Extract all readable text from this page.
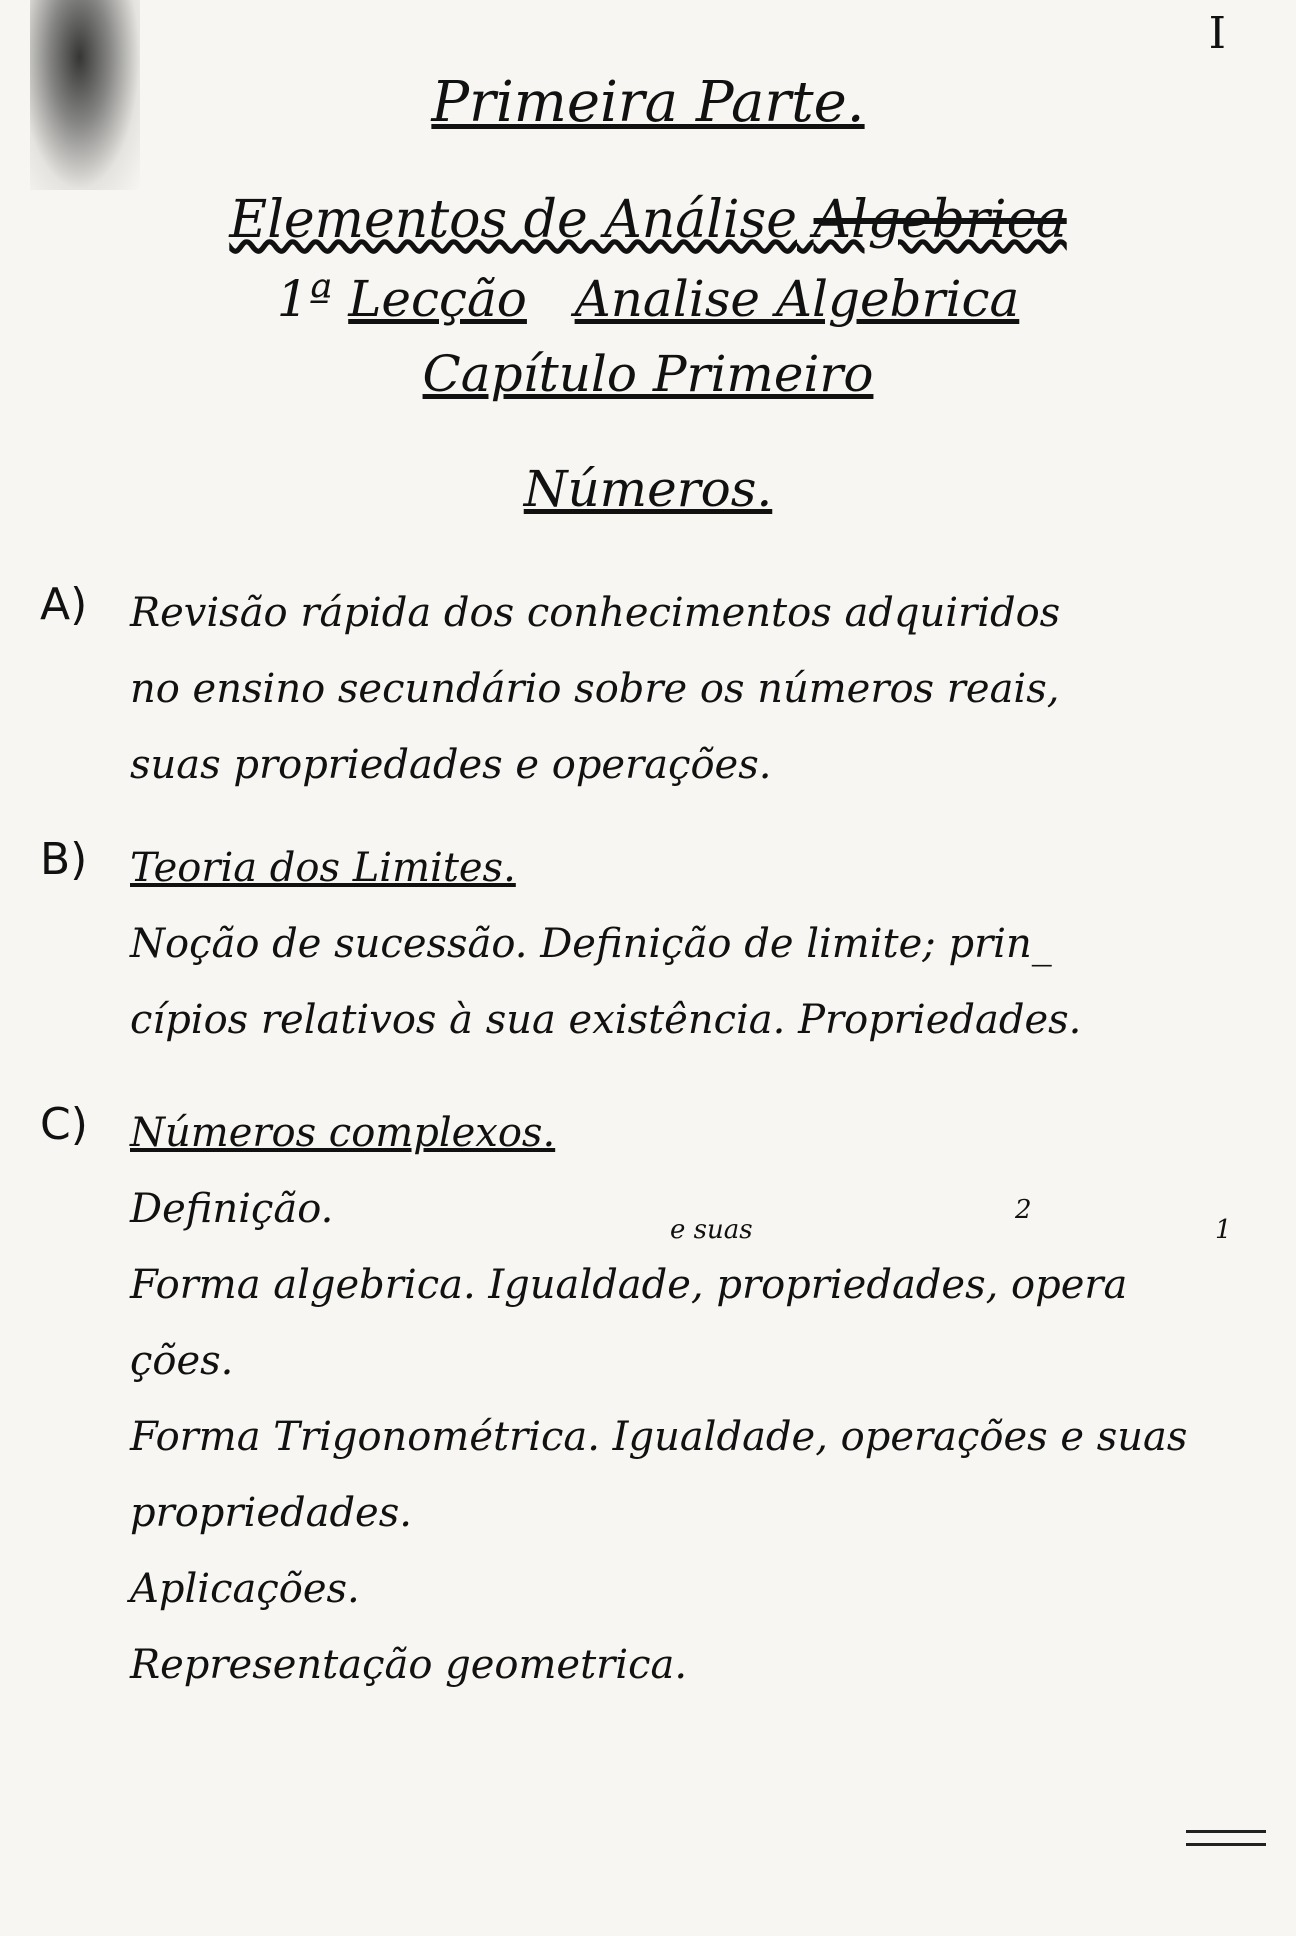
I
Primeira Parte.
Elementos de Análise Algebrica
1ª Lecção Analise Algebrica
Capítulo Primeiro
Números.
A) Revisão rápida dos conhecimentos adquiridos
no ensino secundário sobre os números reais,
suas propriedades e operações.
B) Teoria dos Limites.
Noção de sucessão. Definição de limite; prin_
cípios relativos à sua existência. Propriedades.
C) Números complexos.
Definição.
Forma algebrica. Igualdade, propriedades, opera
ções.
Forma Trigonométrica. Igualdade, operações e suas
propriedades.
Aplicações.
Representação geometrica.
e suas
2
1
